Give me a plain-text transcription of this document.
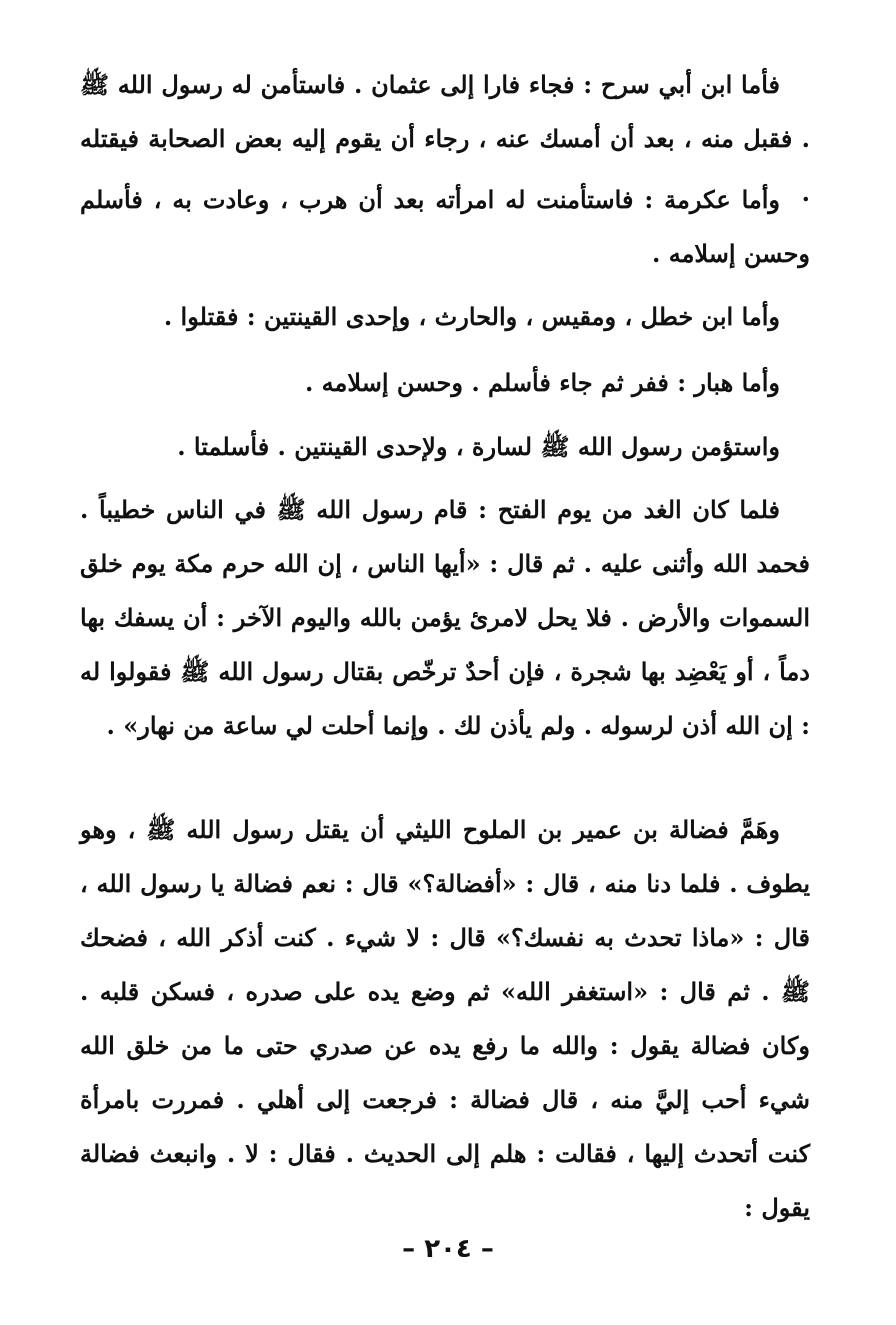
فأما ابن أبي سرح : فجاء فارا إلى عثمان . فاستأمن له رسول الله ﷺ . فقبل منه ، بعد أن أمسك عنه ، رجاء أن يقوم إليه بعض الصحابة فيقتله .

وأما عكرمة : فاستأمنت له امرأته بعد أن هرب ، وعادت به ، فأسلم وحسن إسلامه .

وأما ابن خطل ، ومقيس ، والحارث ، وإحدى القينتين : فقتلوا .

وأما هبار : ففر ثم جاء فأسلم . وحسن إسلامه .

واستؤمن رسول الله ﷺ لسارة ، ولإحدى القينتين . فأسلمتا .

فلما كان الغد من يوم الفتح : قام رسول الله ﷺ في الناس خطيباً . فحمد الله وأثنى عليه . ثم قال : «أيها الناس ، إن الله حرم مكة يوم خلق السموات والأرض . فلا يحل لامرئ يؤمن بالله واليوم الآخر : أن يسفك بها دماً ، أو يَعْضِد بها شجرة ، فإن أحدٌ ترخّص بقتال رسول الله ﷺ فقولوا له : إن الله أذن لرسوله . ولم يأذن لك . وإنما أحلت لي ساعة من نهار» .

وهَمَّ فضالة بن عمير بن الملوح الليثي أن يقتل رسول الله ﷺ ، وهو يطوف . فلما دنا منه ، قال : «أفضالة؟» قال : نعم فضالة يا رسول الله ، قال : «ماذا تحدث به نفسك؟» قال : لا شيء . كنت أذكر الله ، فضحك ﷺ . ثم قال : «استغفر الله» ثم وضع يده على صدره ، فسكن قلبه . وكان فضالة يقول : والله ما رفع يده عن صدري حتى ما من خلق الله شيء أحب إليَّ منه ، قال فضالة : فرجعت إلى أهلي . فمررت بامرأة كنت أتحدث إليها ، فقالت : هلم إلى الحديث . فقال : لا . وانبعث فضالة يقول :

– ٢٠٤ –
